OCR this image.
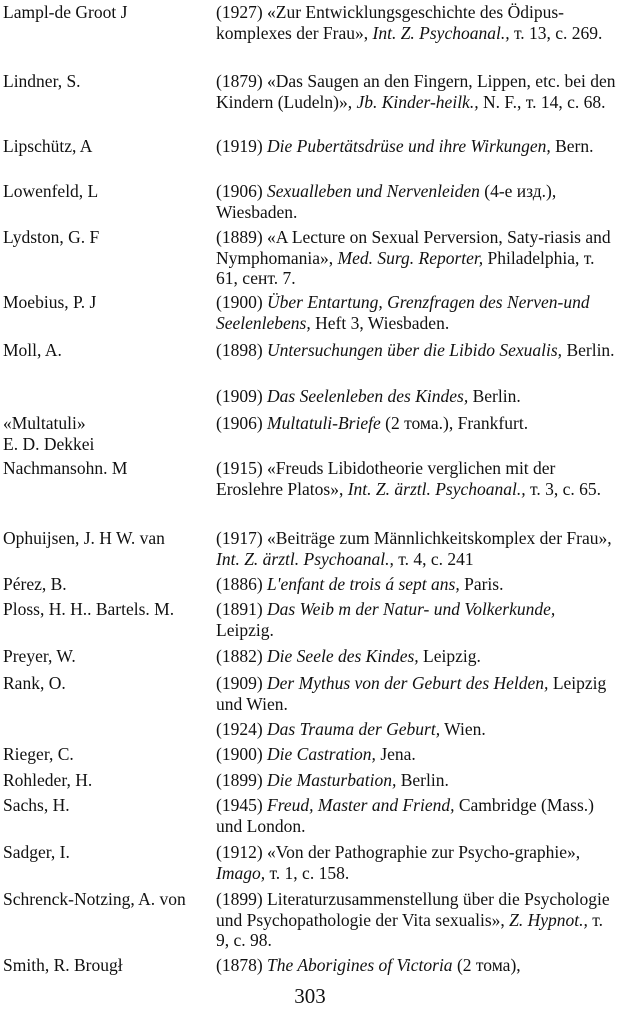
Lampl-de Groot J	(1927) «Zur Entwicklungsgeschichte des Ödipus-komplexes der Frau», Int. Z. Psychoanal., т. 13, с. 269.
Lindner, S.	(1879) «Das Saugen an den Fingern, Lippen, etc. bei den Kindern (Ludeln)», Jb. Kinder-heilk., N. F., т. 14, с. 68.
Lipschütz, A	(1919) Die Pubertätsdrüse und ihre Wirkungen, Bern.
Lowenfeld, L	(1906) Sexualleben und Nervenleiden (4-е изд.), Wiesbaden.
Lydston, G. F	(1889) «A Lecture on Sexual Perversion, Saty-riasis and Nymphomania», Med. Surg. Reporter, Philadelphia, т. 61, сент. 7.
Moebius, P. J	(1900) Über Entartung, Grenzfragen des Nerven-und Seelenlebens, Heft 3, Wiesbaden.
Moll, A.	(1898) Untersuchungen über die Libido Sexualis, Berlin.
(1909) Das Seelenleben des Kindes, Berlin.
«Multatuli»	(1906) Multatuli-Briefe (2 тома.), Frankfurt.
E. D. Dekkei
Nachmansohn. M	(1915) «Freuds Libidotheorie verglichen mit der Eroslehre Platos», Int. Z. ärztl. Psychoanal., т. 3, с. 65.
Ophuijsen, J. H W. van	(1917) «Beiträge zum Männlichkeitskomplex der Frau», Int. Z. ärztl. Psychoanal., т. 4, с. 241
Pérez, B.	(1886) L'enfant de trois á sept ans, Paris.
Ploss, H. H.. Bartels. M. (1891) Das Weib m der Natur- und Volkerkunde, Leipzig.
Preyer, W.	(1882) Die Seele des Kindes, Leipzig.
Rank, O.	(1909) Der Mythus von der Geburt des Helden, Leipzig und Wien.
(1924) Das Trauma der Geburt, Wien.
Rieger, C.	(1900) Die Castration, Jena.
Rohleder, H.	(1899) Die Masturbation, Berlin.
Sachs, H.	(1945) Freud, Master and Friend, Cambridge (Mass.) und London.
Sadger, I.	(1912) «Von der Pathographie zur Psycho-graphie», Imago, т. 1, с. 158.
Schrenck-Notzing, A. von (1899) Literaturzusammenstellung über die Psychologie und Psychopathologie der Vita sexualis», Z. Hypnot., т. 9, с. 98.
Smith, R. Brougł	(1878) The Aborigines of Victoria (2 тома),
303
